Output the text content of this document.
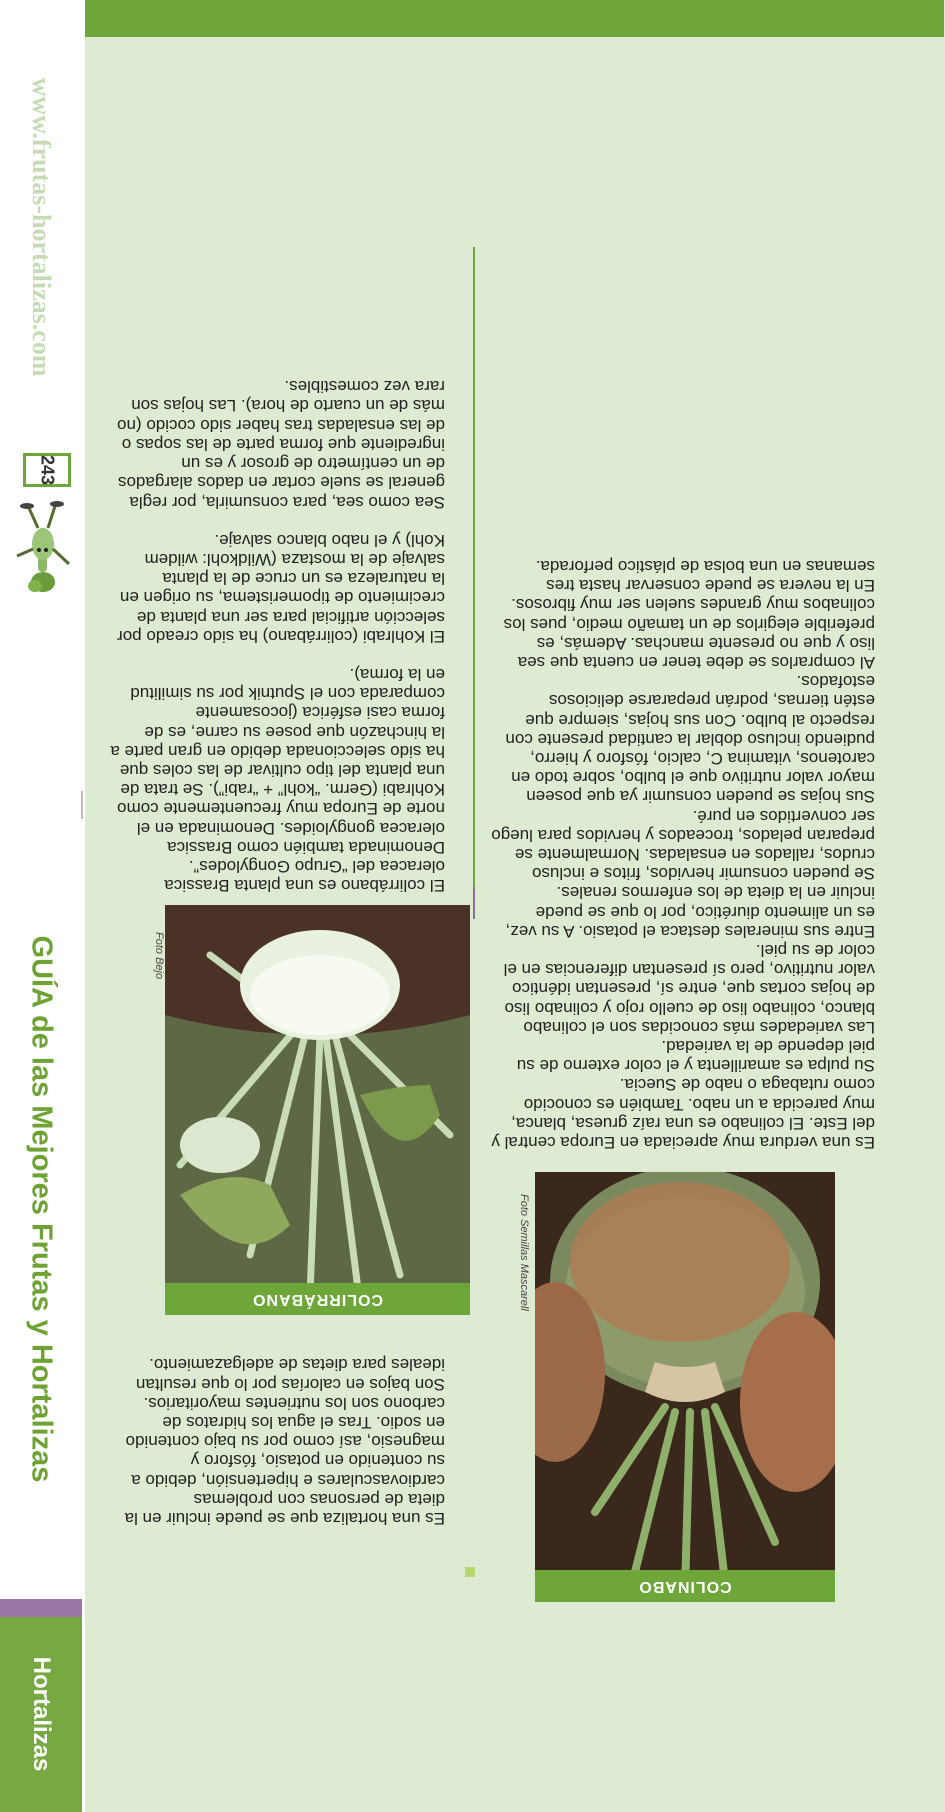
Hortalizas
GUÍA de las Mejores Frutas y Hortalizas
243
www.frutas-hortalizas.com
COLIRRÁBANO
Foto Bejo

Es una hortaliza que se puede incluir en la dieta de personas con problemas cardiovasculares e hipertensión, debido a su contenido en potasio, fósforo y magnesio, así como por su bajo contenido en sodio. Tras el agua los hidratos de carbono son los nutrientes mayoritarios. Son bajos en calorías por lo que resultan ideales para dietas de adelgazamiento.

El colirrábano es una planta Brassica oleracea del “Grupo Gongylodes”. Denominada también como Brassica oleracea gongyloides. Denominada en el norte de Europa muy frecuentemente como Kohlrabi (Germ. “kohl” + “rabi”). Se trata de una planta del tipo cultivar de las coles que ha sido seleccionada debido en gran parte a la hinchazón que posee su carne, es de forma casi esférica (jocosamente comparada con el Sputnik por su similitud en la forma).

El Kohlrabi (colirrábano) ha sido creado por selección artificial para ser una planta de crecimiento de tipomeristema, su origen en la naturaleza es un cruce de la planta salvaje de la mostaza (Wildkohl: wildem Kohl) y el nabo blanco salvaje.

Sea como sea, para consumirla, por regla general se suele cortar en dados alargados de un centímetro de grosor y es un ingrediente que forma parte de las sopas o de las ensaladas tras haber sido cocido (no más de un cuarto de hora). Las hojas son rara vez comestibles.

COLINABO
Foto Semillas Mascarell

Es una verdura muy apreciada en Europa central y del Este. El colinabo es una raíz gruesa, blanca, muy parecida a un nabo. También es conocido como rutabaga o nabo de Suecia.

Su pulpa es amarillenta y el color externo de su piel depende de la variedad.

Las variedades más conocidas son el colinabo blanco, colinabo liso de cuello rojo y colinabo liso de hojas cortas que, entre sí, presentan idéntico valor nutritivo, pero sí presentan diferencias en el color de su piel.

Entre sus minerales destaca el potasio. A su vez, es un alimento diurético, por lo que se puede incluir en la dieta de los enfermos renales.

Se pueden consumir hervidos, fritos e incluso crudos, rallados en ensaladas. Normalmente se preparan pelados, troceados y hervidos para luego ser convertidos en puré.

Sus hojas se pueden consumir ya que poseen mayor valor nutritivo que el bulbo, sobre todo en carotenos, vitamina C, calcio, fósforo y hierro, pudiendo incluso doblar la cantidad presente con respecto al bulbo. Con sus hojas, siempre que estén tiernas, podrán prepararse deliciosos estofados.

Al comprarlos se debe tener en cuenta que sea liso y que no presente manchas. Además, es preferible elegirlos de un tamaño medio, pues los colinabos muy grandes suelen ser muy fibrosos. En la nevera se puede conservar hasta tres semanas en una bolsa de plástico perforada.
